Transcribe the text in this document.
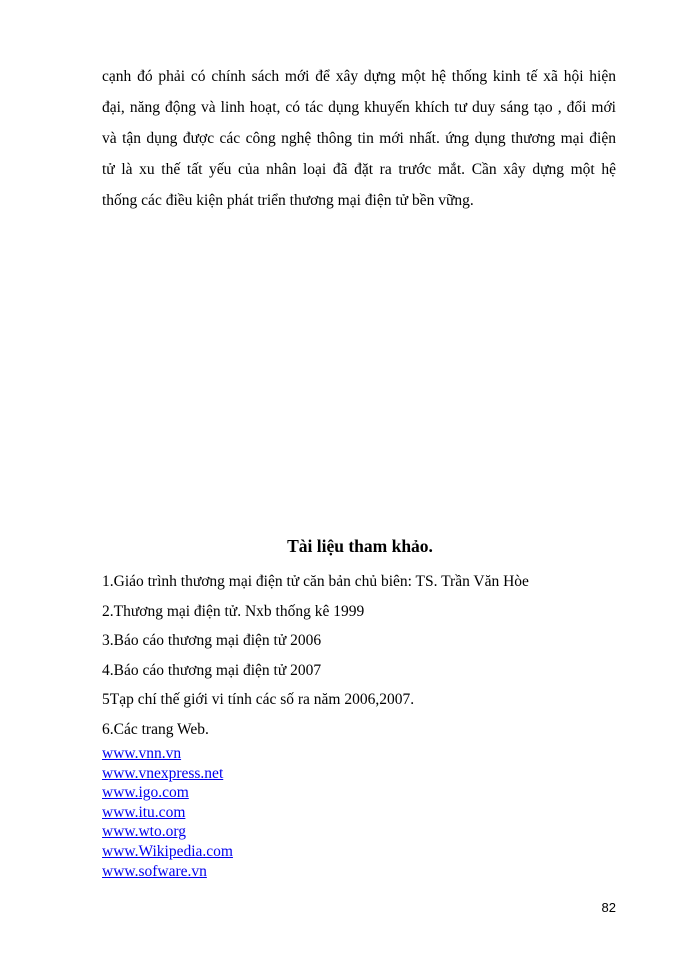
cạnh đó phải có chính sách mới để xây dựng một hệ thống kinh tế xã hội hiện
đại, năng động và linh hoạt, có tác dụng khuyến khích tư duy sáng tạo , đổi mới
và tận dụng được các công nghệ thông tin mới nhất. ứng dụng thương mại điện
tử là xu thế tất yếu của nhân loại đã đặt ra trước mắt. Cần xây dựng một hệ
thống các điều kiện phát triển thương mại điện tử bền vững.
Tài liệu tham khảo.
1.Giáo trình thương mại điện tử căn bản chủ biên: TS. Trần Văn Hòe
2.Thương mại điện tử. Nxb thống kê 1999
3.Báo cáo thương mại điện tử 2006
4.Báo cáo thương mại điện tử 2007
5Tạp chí thế giới vi tính các số ra năm 2006,2007.
6.Các trang Web.
www.vnn.vn
www.vnexpress.net
www.igo.com
www.itu.com
www.wto.org
www.Wikipedia.com
www.sofware.vn
82
